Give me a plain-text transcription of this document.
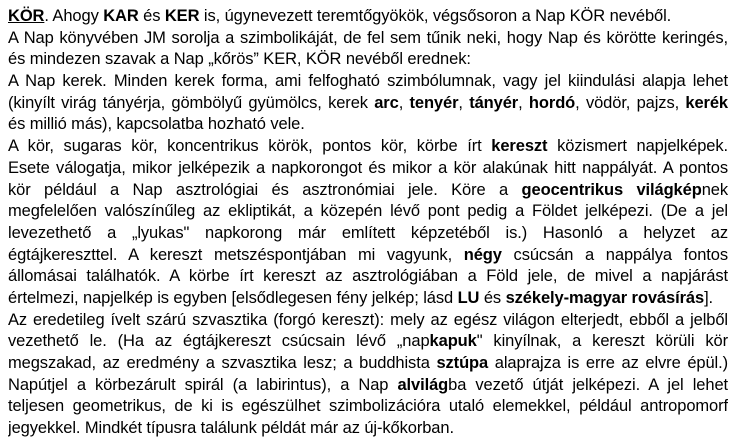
KÖR. Ahogy KAR és KER is, úgynevezett teremtőgyökök, végsősoron a Nap KÖR nevéből.
A Nap könyvében JM sorolja a szimbolikáját, de fel sem tűnik neki, hogy Nap és körötte keringés,
és mindezen szavak a Nap „kőrös” KER, KÖR nevéből erednek:
A Nap kerek. Minden kerek forma, ami felfogható szimbólumnak, vagy jel kiindulási alapja lehet
(kinyílt virág tányérja, gömbölyű gyümölcs, kerek arc, tenyér, tányér, hordó, vödör, pajzs, kerék
és millió más), kapcsolatba hozható vele.
A kör, sugaras kör, koncentrikus körök, pontos kör, körbe írt kereszt közismert napjelképek.
Esete válogatja, mikor jelképezik a napkorongot és mikor a kör alakúnak hitt nappályát. A pontos
kör például a Nap asztrológiai és asztronómiai jele. Köre a geocentrikus világképnek
megfelelően valószínűleg az ekliptikát, a közepén lévő pont pedig a Földet jelképezi. (De a jel
levezethető a „lyukas" napkorong már említett képzetéből is.) Hasonló a helyzet az
égtájkereszttel. A kereszt metszéspontjában mi vagyunk, négy csúcsán a nappálya fontos
állomásai találhatók. A körbe írt kereszt az asztrológiában a Föld jele, de mivel a napjárást
értelmezi, napjelkép is egyben [elsődlegesen fény jelkép; lásd LU és székely-magyar rovásírás].
Az eredetileg ívelt szárú szvasztika (forgó kereszt): mely az egész világon elterjedt, ebből a jelből
vezethető le. (Ha az égtájkereszt csúcsain lévő „napkapuk" kinyílnak, a kereszt körüli kör
megszakad, az eredmény a szvasztika lesz; a buddhista sztúpa alaprajza is erre az elvre épül.)
Napútjel a körbezárult spirál (a labirintus), a Nap alvilágba vezető útját jelképezi. A jel lehet
teljesen geometrikus, de ki is egészülhet szimbolizációra utaló elemekkel, például antropomorf
jegyekkel. Mindkét típusra találunk példát már az új-kőkorban.
